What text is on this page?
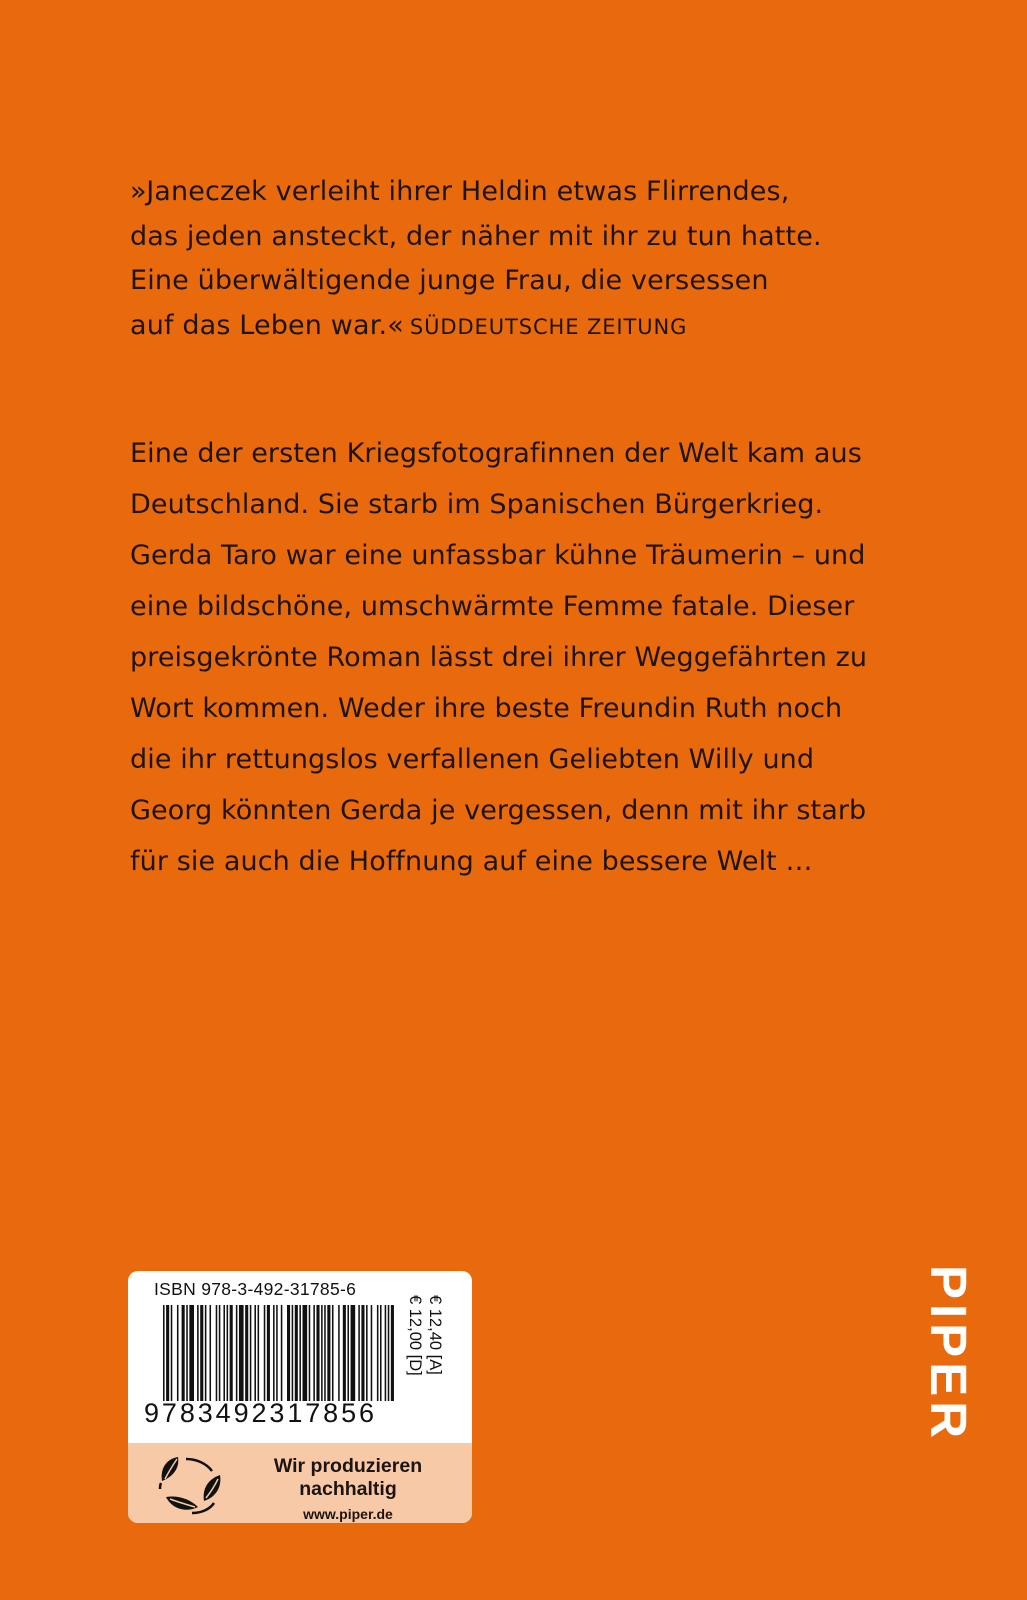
»Janeczek verleiht ihrer Heldin etwas Flirrendes,
das jeden ansteckt, der näher mit ihr zu tun hatte.
Eine überwältigende junge Frau, die versessen
auf das Leben war.« SÜDDEUTSCHE ZEITUNG
Eine der ersten Kriegsfotografinnen der Welt kam aus
Deutschland. Sie starb im Spanischen Bürgerkrieg.
Gerda Taro war eine unfassbar kühne Träumerin – und
eine bildschöne, umschwärmte Femme fatale. Dieser
preisgekrönte Roman lässt drei ihrer Weggefährten zu
Wort kommen. Weder ihre beste Freundin Ruth noch
die ihr rettungslos verfallenen Geliebten Willy und
Georg könnten Gerda je vergessen, denn mit ihr starb
für sie auch die Hoffnung auf eine bessere Welt …
ISBN 978-3-492-31785-6
9783492317856
€ 12,00 [D] € 12,40 [A]
Wir produzieren
nachhaltig
www.piper.de
PIPER
